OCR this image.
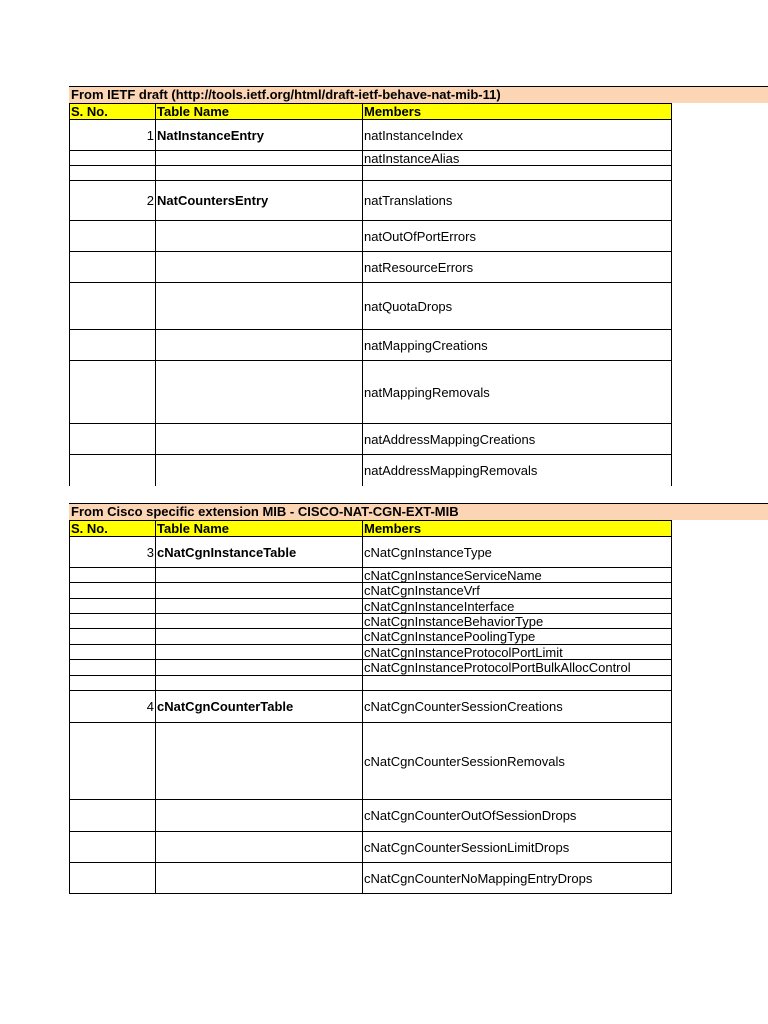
From IETF draft (http://tools.ietf.org/html/draft-ietf-behave-nat-mib-11)
S. No.	Table Name	Members
1 NatInstanceEntry	natInstanceIndex
natInstanceAlias
2 NatCountersEntry	natTranslations
natOutOfPortErrors
natResourceErrors
natQuotaDrops
natMappingCreations
natMappingRemovals
natAddressMappingCreations
natAddressMappingRemovals
From Cisco specific extension MIB - CISCO-NAT-CGN-EXT-MIB
S. No.	Table Name	Members
3 cNatCgnInstanceTable	cNatCgnInstanceType
cNatCgnInstanceServiceName
cNatCgnInstanceVrf
cNatCgnInstanceInterface
cNatCgnInstanceBehaviorType
cNatCgnInstancePoolingType
cNatCgnInstanceProtocolPortLimit
cNatCgnInstanceProtocolPortBulkAllocControl
4 cNatCgnCounterTable	cNatCgnCounterSessionCreations
cNatCgnCounterSessionRemovals
cNatCgnCounterOutOfSessionDrops
cNatCgnCounterSessionLimitDrops
cNatCgnCounterNoMappingEntryDrops
